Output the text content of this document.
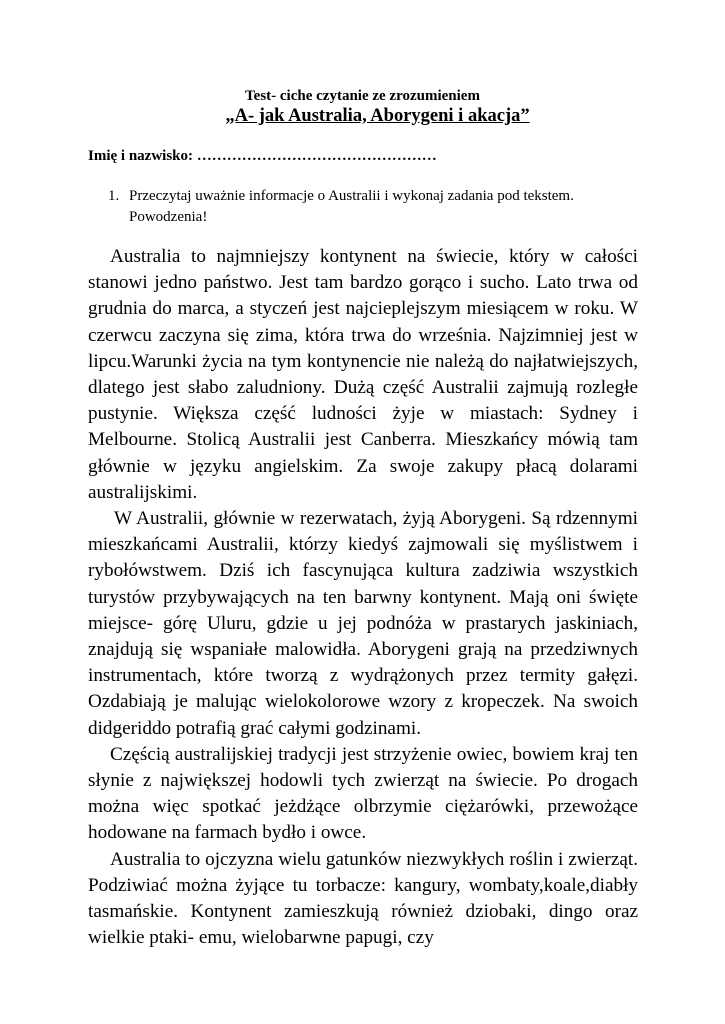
Test- ciche czytanie ze zrozumieniem
„A- jak Australia, Aborygeni i akacja”
Imię i nazwisko: …………………………………………
1. Przeczytaj uważnie informacje o Australii i wykonaj zadania pod tekstem. Powodzenia!

Australia to najmniejszy kontynent na świecie, który w całości stanowi jedno państwo. Jest tam bardzo gorąco i sucho. Lato trwa od grudnia do marca, a styczeń jest najcieplejszym miesiącem w roku. W czerwcu zaczyna się zima, która trwa do września. Najzimniej jest w lipcu.Warunki życia na tym kontynencie nie należą do najłatwiejszych, dlatego jest słabo zaludniony. Dużą część Australii zajmują rozległe pustynie. Większa część ludności żyje w miastach: Sydney i Melbourne. Stolicą Australii jest Canberra. Mieszkańcy mówią tam głównie w języku angielskim. Za swoje zakupy płacą dolarami australijskimi.

W Australii, głównie w rezerwatach, żyją Aborygeni. Są rdzennymi mieszkańcami Australii, którzy kiedyś zajmowali się myślistwem i rybołówstwem. Dziś ich fascynująca kultura zadziwia wszystkich turystów przybywających na ten barwny kontynent. Mają oni święte miejsce- górę Uluru, gdzie u jej podnóża w prastarych jaskiniach, znajdują się wspaniałe malowidła. Aborygeni grają na przedziwnych instrumentach, które tworzą z wydrążonych przez termity gałęzi. Ozdabiają je malując wielokolorowe wzory z kropeczek. Na swoich didgeriddo potrafią grać całymi godzinami.

Częścią australijskiej tradycji jest strzyżenie owiec, bowiem kraj ten słynie z największej hodowli tych zwierząt na świecie. Po drogach można więc spotkać jeżdżące olbrzymie ciężarówki, przewożące hodowane na farmach bydło i owce.

Australia to ojczyzna wielu gatunków niezwykłych roślin i zwierząt. Podziwiać można żyjące tu torbacze: kangury, wombaty,koale,diabły tasmańskie. Kontynent zamieszkują również dziobaki, dingo oraz wielkie ptaki- emu, wielobarwne papugi, czy
